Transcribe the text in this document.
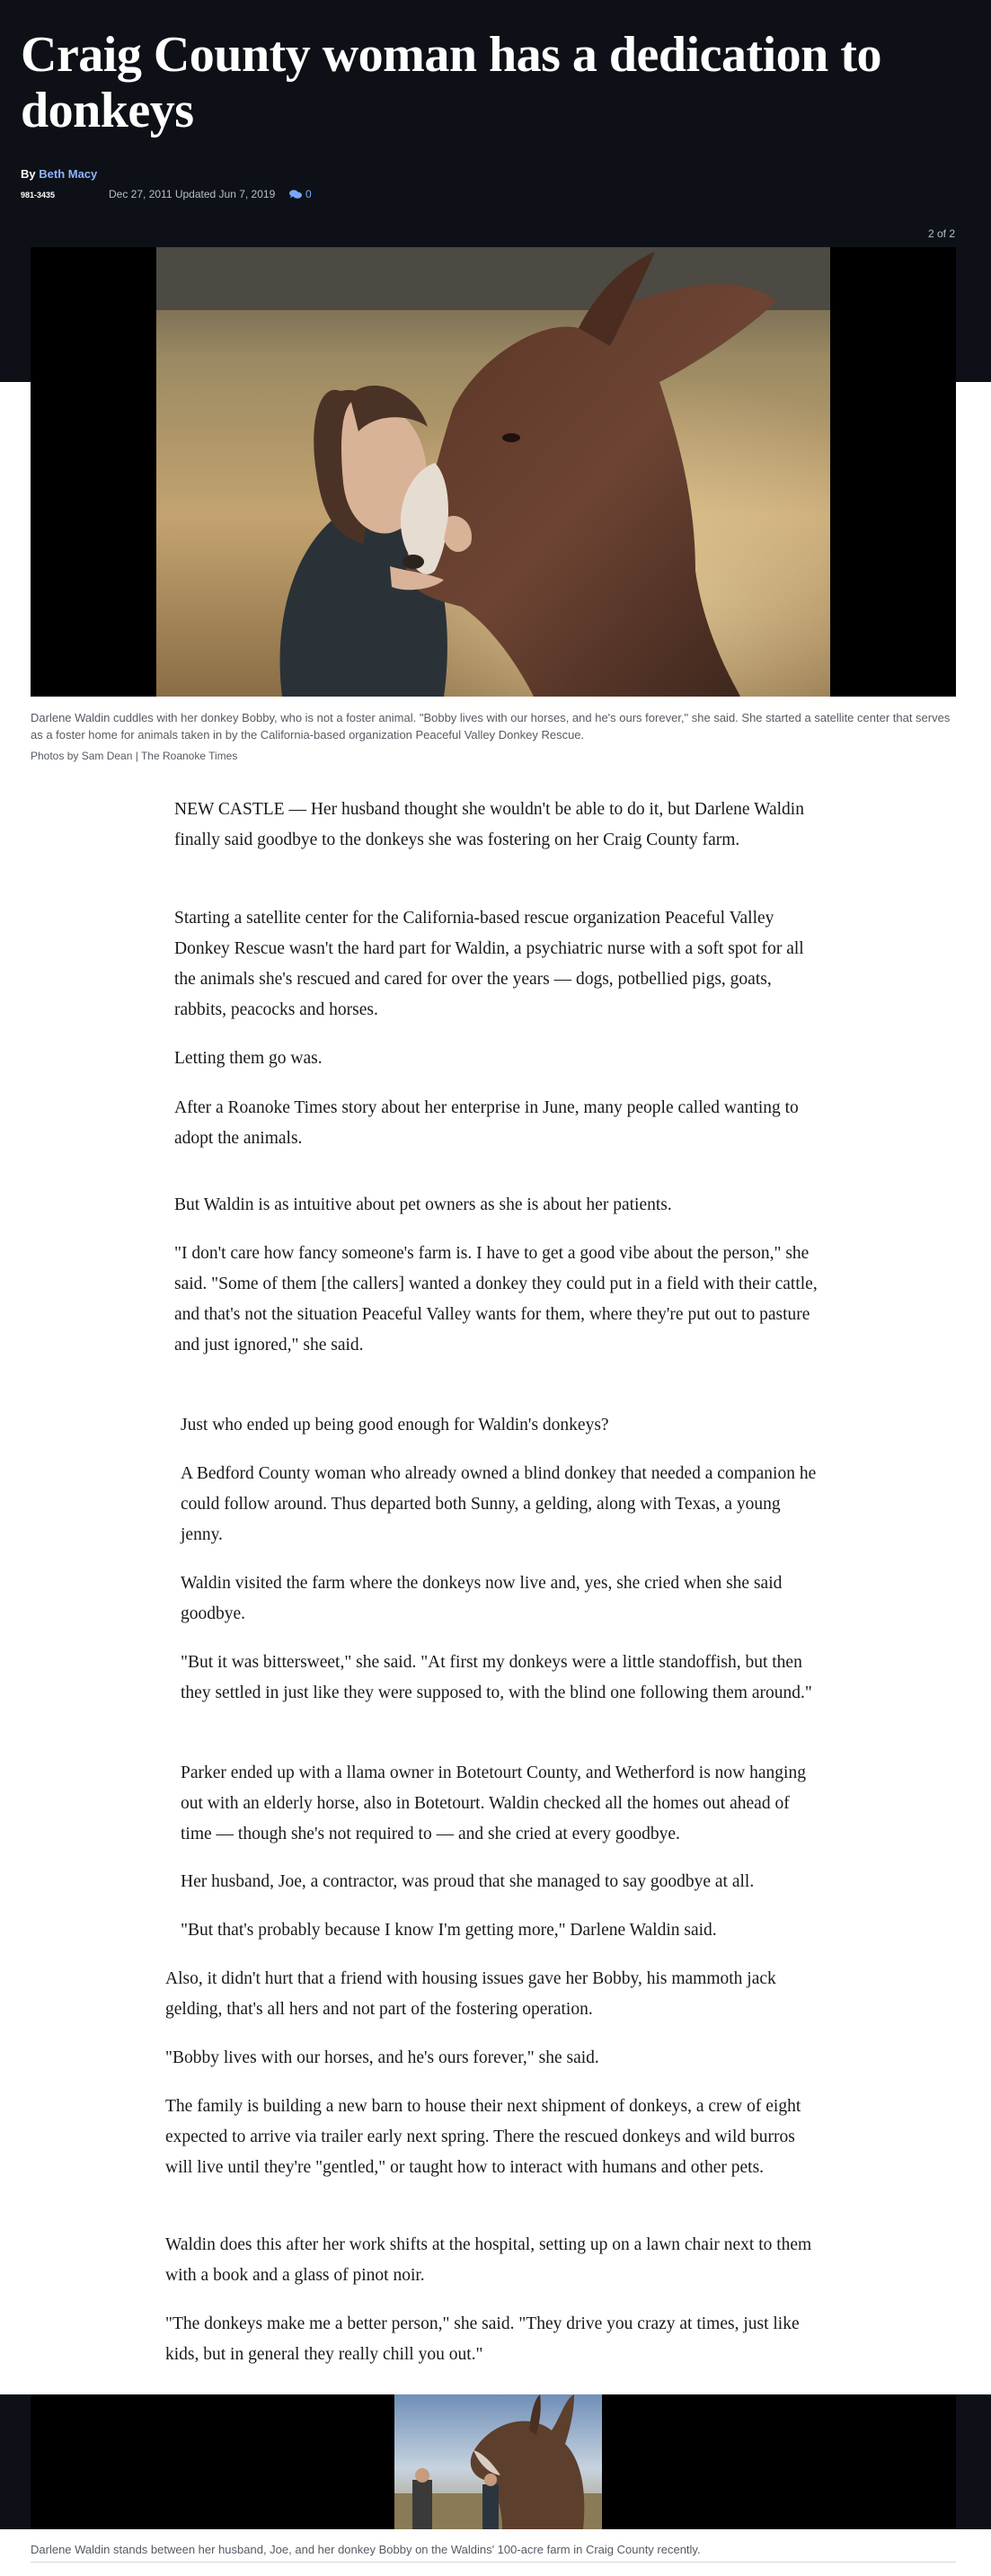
Craig County woman has a dedication to donkeys
By Beth Macy
981-3435	Dec 27, 2011 Updated Jun 7, 2019	0
2 of 2

Darlene Waldin cuddles with her donkey Bobby, who is not a foster animal. "Bobby lives with our horses, and he's ours forever," she said. She started a satellite center that serves as a foster home for animals taken in by the California-based organization Peaceful Valley Donkey Rescue.

Photos by Sam Dean | The Roanoke Times

NEW CASTLE — Her husband thought she wouldn't be able to do it, but Darlene Waldin finally said goodbye to the donkeys she was fostering on her Craig County farm.

Starting a satellite center for the California-based rescue organization Peaceful Valley Donkey Rescue wasn't the hard part for Waldin, a psychiatric nurse with a soft spot for all the animals she's rescued and cared for over the years — dogs, potbellied pigs, goats, rabbits, peacocks and horses.

Letting them go was.

After a Roanoke Times story about her enterprise in June, many people called wanting to adopt the animals.

But Waldin is as intuitive about pet owners as she is about her patients.

"I don't care how fancy someone's farm is. I have to get a good vibe about the person," she said. "Some of them [the callers] wanted a donkey they could put in a field with their cattle, and that's not the situation Peaceful Valley wants for them, where they're put out to pasture and just ignored," she said.

Just who ended up being good enough for Waldin's donkeys?

A Bedford County woman who already owned a blind donkey that needed a companion he could follow around. Thus departed both Sunny, a gelding, along with Texas, a young jenny.

Waldin visited the farm where the donkeys now live and, yes, she cried when she said goodbye.

"But it was bittersweet," she said. "At first my donkeys were a little standoffish, but then they settled in just like they were supposed to, with the blind one following them around."

Parker ended up with a llama owner in Botetourt County, and Wetherford is now hanging out with an elderly horse, also in Botetourt. Waldin checked all the homes out ahead of time — though she's not required to — and she cried at every goodbye.

Her husband, Joe, a contractor, was proud that she managed to say goodbye at all.

"But that's probably because I know I'm getting more," Darlene Waldin said.

Also, it didn't hurt that a friend with housing issues gave her Bobby, his mammoth jack gelding, that's all hers and not part of the fostering operation.

"Bobby lives with our horses, and he's ours forever," she said.

The family is building a new barn to house their next shipment of donkeys, a crew of eight expected to arrive via trailer early next spring. There the rescued donkeys and wild burros will live until they're "gentled," or taught how to interact with humans and other pets.

Waldin does this after her work shifts at the hospital, setting up on a lawn chair next to them with a book and a glass of pinot noir.

"The donkeys make me a better person," she said. "They drive you crazy at times, just like kids, but in general they really chill you out."

Darlene Waldin stands between her husband, Joe, and her donkey Bobby on the Waldins' 100-acre farm in Craig County recently.
